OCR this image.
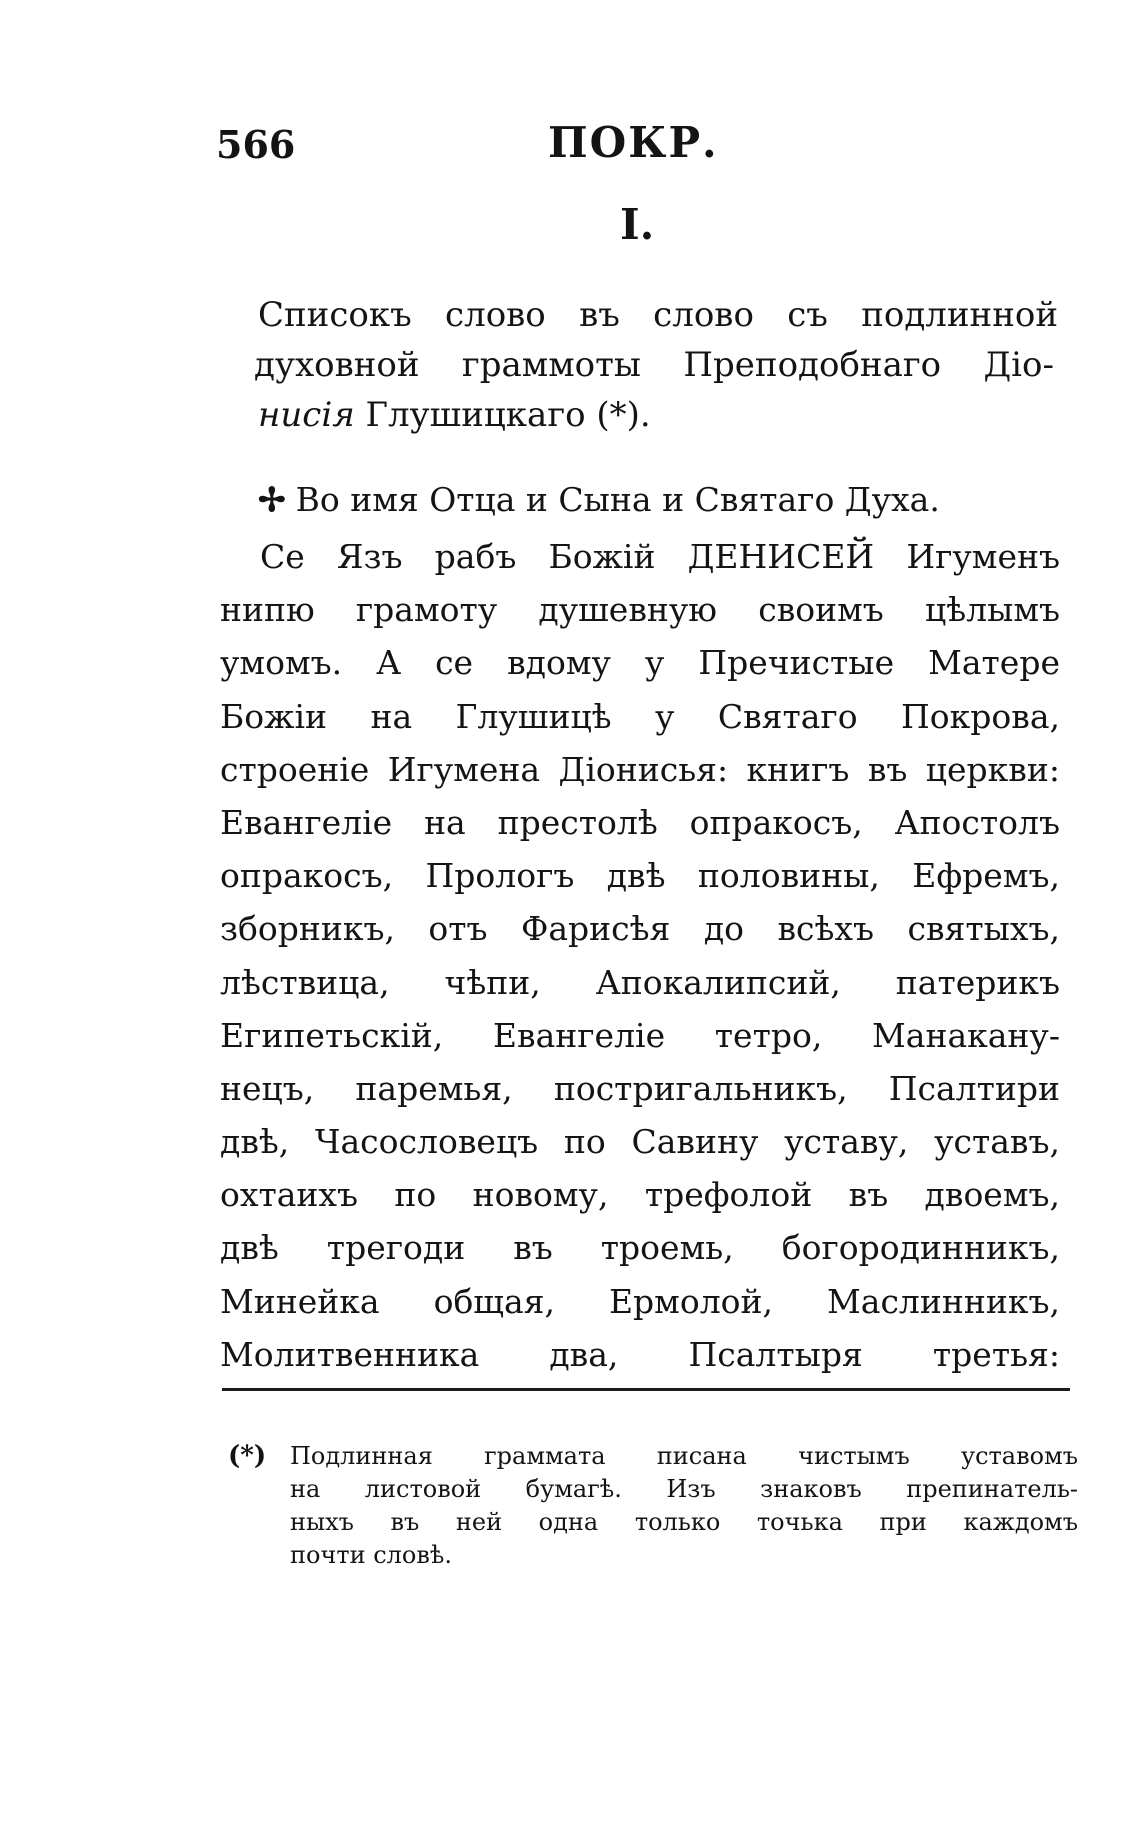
566	ПОКР.
I.
Списокъ слово въ слово съ подлинной
духовной граммоты Преподобнаго Діо-
нисія Глушицкаго (*).
✢ Во имя Отца и Сына и Святаго Духа.
Се Язъ рабъ Божій ДЕНИСЕЙ Игуменъ
нипю грамоту душевную своимъ цѣлымъ
умомъ. А се вдому у Пречистые Матере
Божіи на Глушицѣ у Святаго Покрова,
строеніе Игумена Діонисья: книгъ въ церкви:
Евангеліе на престолѣ опракосъ, Апостолъ
опракосъ, Прологъ двѣ половины, Ефремъ,
зборникъ, отъ Фарисѣя до всѣхъ святыхъ,
лѣствица, чѣпи, Апокалипсий, патерикъ
Египетьскій, Евангеліе тетро, Манакану-
нецъ, паремья, постригальникъ, Псалтири
двѣ, Часословецъ по Савину уставу, уставъ,
охтаихъ по новому, трефолой въ двоемъ,
двѣ трегоди въ троемь, богородинникъ,
Минейка общая, Ермолой, Маслинникъ,
Молитвенника два, Псалтыря третья:
(*) Подлинная граммата писана чистымъ уставомъ
на листовой бумагѣ. Изъ знаковъ препинатель-
ныхъ въ ней одна только точька при каждомъ
почти словѣ.
